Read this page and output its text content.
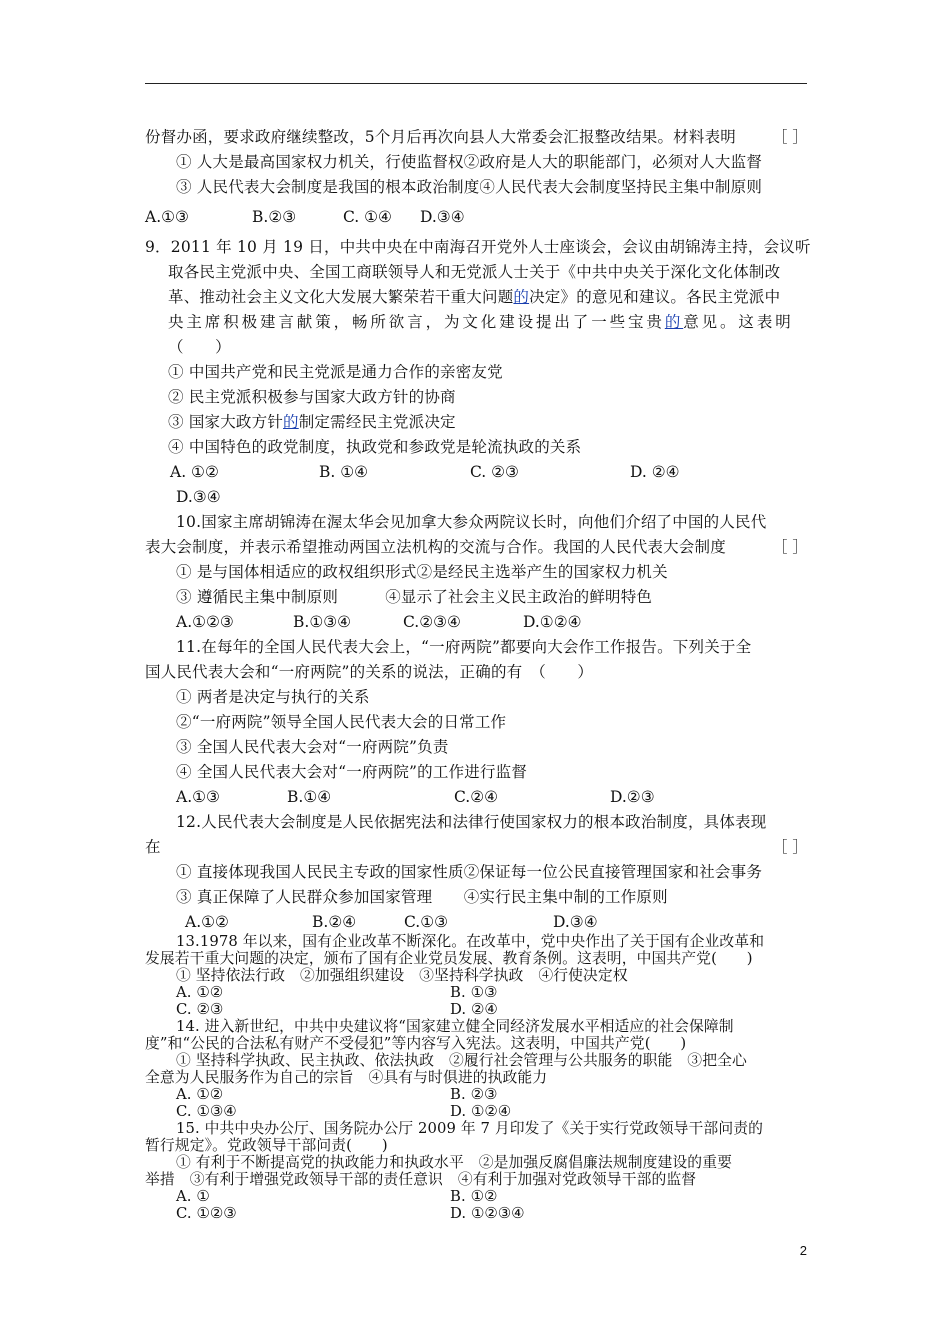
份督办函，要求政府继续整改，5个月后再次向县人大常委会汇报整改结果。材料表明 ［ ］
① 人大是最高国家权力机关，行使监督权②政府是人大的职能部门，必须对人大监督
③ 人民代表大会制度是我国的根本政治制度④人民代表大会制度坚持民主集中制原则
A.①③	B.②③	C. ①④ D.③④
9．2011 年 10 月 19 日，中共中央在中南海召开党外人士座谈会，会议由胡锦涛主持，会议听
取各民主党派中央、全国工商联领导人和无党派人士关于《中共中央关于深化文化体制改
革、推动社会主义文化大发展大繁荣若干重大问题的决定》的意见和建议。各民主党派中
央主席积极建言献策，畅所欲言，为文化建设提出了一些宝贵的意见。这表明
（　　）
① 中国共产党和民主党派是通力合作的亲密友党
② 民主党派积极参与国家大政方针的协商
③ 国家大政方针的制定需经民主党派决定
④ 中国特色的政党制度，执政党和参政党是轮流执政的关系
A. ①②	B. ①④	C. ②③	D. ②④
D.③④
10.国家主席胡锦涛在渥太华会见加拿大参众两院议长时，向他们介绍了中国的人民代
表大会制度，并表示希望推动两国立法机构的交流与合作。我国的人民代表大会制度	［ ］
① 是与国体相适应的政权组织形式②是经民主选举产生的国家权力机关
③ 遵循民主集中制原则　　　④显示了社会主义民主政治的鲜明特色
A.①②③	B.①③④	C.②③④	D.①②④
11.在每年的全国人民代表大会上，“一府两院”都要向大会作工作报告。下列关于全
国人民代表大会和“一府两院”的关系的说法，正确的有　（　　）
① 两者是决定与执行的关系
②“一府两院”领导全国人民代表大会的日常工作
③ 全国人民代表大会对“一府两院”负责
④ 全国人民代表大会对“一府两院”的工作进行监督
A.①③	B.①④	C.②④	D.②③
12.人民代表大会制度是人民依据宪法和法律行使国家权力的根本政治制度，具体表现
在	［ ］
① 直接体现我国人民民主专政的国家性质②保证每一位公民直接管理国家和社会事务
③ 真正保障了人民群众参加国家管理　　④实行民主集中制的工作原则
A.①②	B.②④	C.①③	D.③④
13.1978 年以来，国有企业改革不断深化。在改革中，党中央作出了关于国有企业改革和
发展若干重大问题的决定，颁布了国有企业党员发展、教育条例。这表明，中国共产党(　　)
① 坚持依法行政　②加强组织建设　③坚持科学执政　④行使决定权
A. ①②	B. ①③
C. ②③	D. ②④
14. 进入新世纪，中共中央建议将“国家建立健全同经济发展水平相适应的社会保障制
度”和“公民的合法私有财产不受侵犯”等内容写入宪法。这表明，中国共产党(　　)
① 坚持科学执政、民主执政、依法执政　②履行社会管理与公共服务的职能　③把全心
全意为人民服务作为自己的宗旨　④具有与时俱进的执政能力
A. ①②	B. ②③
C. ①③④	D. ①②④
15. 中共中央办公厅、国务院办公厅 2009 年 7 月印发了《关于实行党政领导干部问责的
暂行规定》。党政领导干部问责(　　)
① 有利于不断提高党的执政能力和执政水平　②是加强反腐倡廉法规制度建设的重要
举措　③有利于增强党政领导干部的责任意识　④有利于加强对党政领导干部的监督
A. ①	B. ①②
C. ①②③	D. ①②③④
2
